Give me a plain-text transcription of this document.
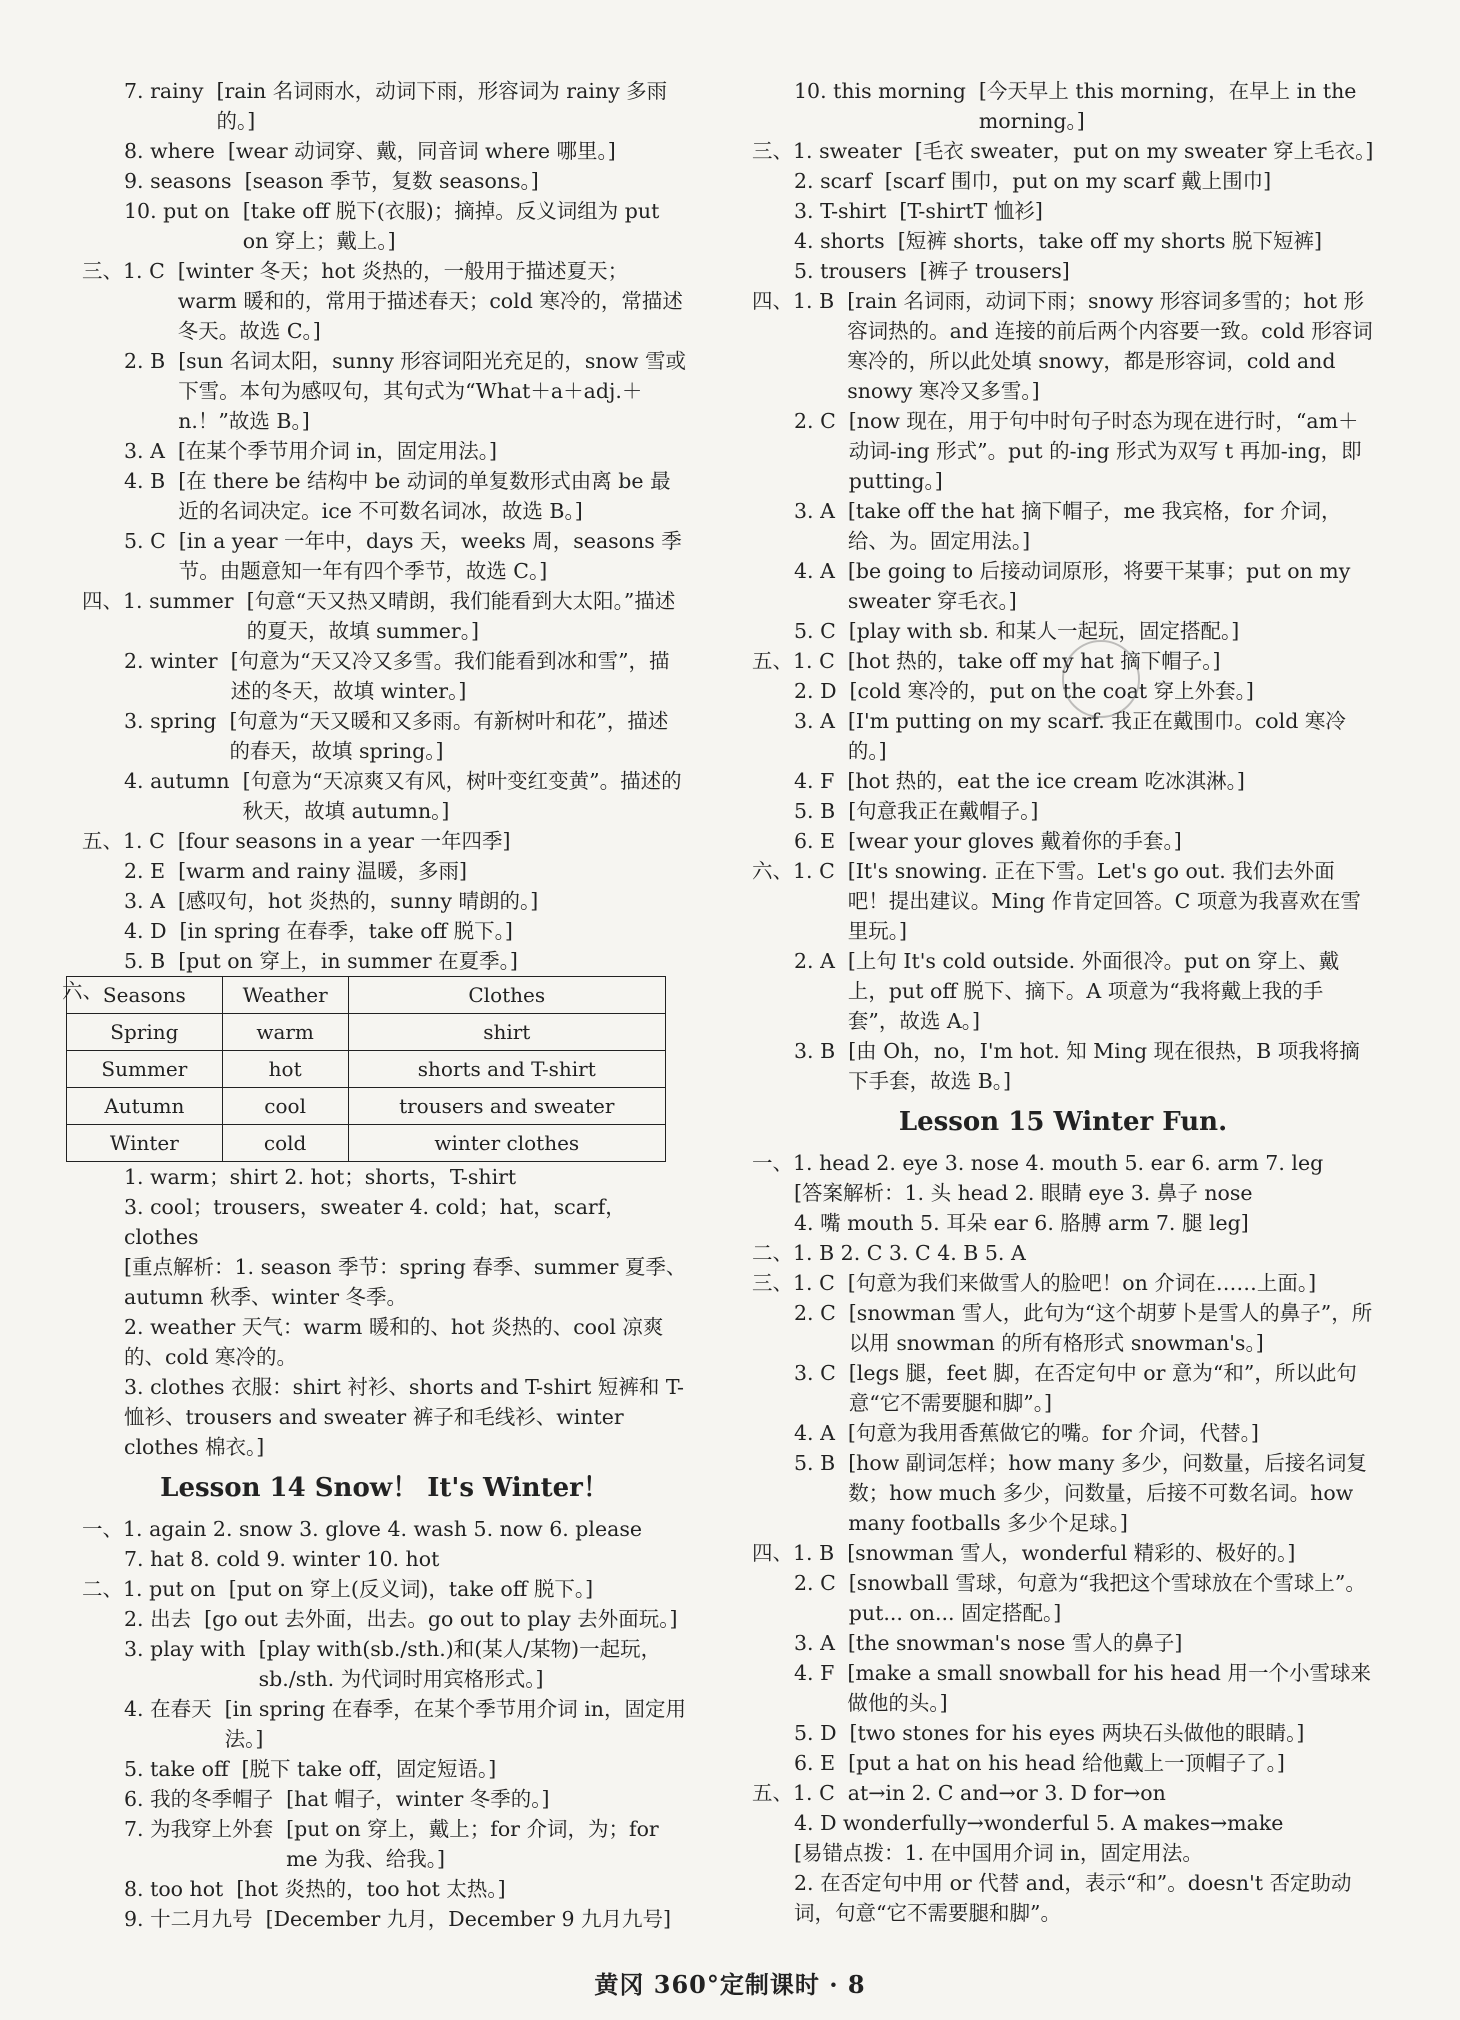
7. rainy [rain 名词雨水，动词下雨，形容词为 rainy 多雨的。]

8. where [wear 动词穿、戴，同音词 where 哪里。]

9. seasons [season 季节，复数 seasons。]

10. put on [take off 脱下(衣服)；摘掉。反义词组为 put on 穿上；戴上。]

三、1. C [winter 冬天；hot 炎热的，一般用于描述夏天；warm 暖和的，常用于描述春天；cold 寒冷的，常描述冬天。故选 C。]

2. B [sun 名词太阳，sunny 形容词阳光充足的，snow 雪或下雪。本句为感叹句，其句式为“What＋a＋adj.＋n.！”故选 B。]

3. A [在某个季节用介词 in，固定用法。]

4. B [在 there be 结构中 be 动词的单复数形式由离 be 最近的名词决定。ice 不可数名词冰，故选 B。]

5. C [in a year 一年中，days 天，weeks 周，seasons 季节。由题意知一年有四个季节，故选 C。]

四、1. summer [句意“天又热又晴朗，我们能看到大太阳。”描述的夏天，故填 summer。]

2. winter [句意为“天又冷又多雪。我们能看到冰和雪”，描述的冬天，故填 winter。]

3. spring [句意为“天又暖和又多雨。有新树叶和花”，描述的春天，故填 spring。]

4. autumn [句意为“天凉爽又有风，树叶变红变黄”。描述的秋天，故填 autumn。]

五、1. C [four seasons in a year 一年四季]

2. E [warm and rainy 温暖，多雨]

3. A [感叹句，hot 炎热的，sunny 晴朗的。]

4. D [in spring 在春季，take off 脱下。]

5. B [put on 穿上，in summer 在夏季。]

六、 Seasons	Weather	Clothes
Spring	warm	shirt
Summer	hot	shorts and T-shirt
Autumn	cool	trousers and sweater
Winter	cold	winter clothes

1. warm；shirt 2. hot；shorts，T-shirt

3. cool；trousers，sweater 4. cold；hat，scarf，clothes

[重点解析：1. season 季节：spring 春季、summer 夏季、autumn 秋季、winter 冬季。

2. weather 天气：warm 暖和的、hot 炎热的、cool 凉爽的、cold 寒冷的。

3. clothes 衣服：shirt 衬衫、shorts and T-shirt 短裤和 T-恤衫、trousers and sweater 裤子和毛线衫、winter clothes 棉衣。]

Lesson 14 Snow！ It's Winter！

一、 1. again 2. snow 3. glove 4. wash 5. now 6. please

7. hat 8. cold 9. winter 10. hot

二、1. put on [put on 穿上(反义词)，take off 脱下。]

2. 出去 [go out 去外面，出去。go out to play 去外面玩。]

3. play with [play with(sb./sth.)和(某人/某物)一起玩，sb./sth. 为代词时用宾格形式。]

4. 在春天 [in spring 在春季，在某个季节用介词 in，固定用法。]

5. take off [脱下 take off，固定短语。]

6. 我的冬季帽子 [hat 帽子，winter 冬季的。]

7. 为我穿上外套 [put on 穿上，戴上；for 介词，为；for me 为我、给我。]

8. too hot [hot 炎热的，too hot 太热。]

9. 十二月九号 [December 九月，December 9 九月九号]

10. this morning [今天早上 this morning，在早上 in the morning。]

三、1. sweater [毛衣 sweater，put on my sweater 穿上毛衣。]

2. scarf [scarf 围巾，put on my scarf 戴上围巾]

3. T-shirt [T-shirtT 恤衫]

4. shorts [短裤 shorts，take off my shorts 脱下短裤]

5. trousers [裤子 trousers]

四、1. B [rain 名词雨，动词下雨；snowy 形容词多雪的；hot 形容词热的。and 连接的前后两个内容要一致。cold 形容词寒冷的，所以此处填 snowy，都是形容词，cold and snowy 寒冷又多雪。]

2. C [now 现在，用于句中时句子时态为现在进行时，“am＋动词-ing 形式”。put 的-ing 形式为双写 t 再加-ing，即 putting。]

3. A [take off the hat 摘下帽子，me 我宾格，for 介词，给、为。固定用法。]

4. A [be going to 后接动词原形，将要干某事；put on my sweater 穿毛衣。]

5. C [play with sb. 和某人一起玩，固定搭配。]

五、1. C [hot 热的，take off my hat 摘下帽子。]

2. D [cold 寒冷的，put on the coat 穿上外套。]

3. A [I'm putting on my scarf. 我正在戴围巾。cold 寒冷的。]

4. F [hot 热的，eat the ice cream 吃冰淇淋。]

5. B [句意我正在戴帽子。]

6. E [wear your gloves 戴着你的手套。]

六、1. C [It's snowing. 正在下雪。Let's go out. 我们去外面吧！提出建议。Ming 作肯定回答。C 项意为我喜欢在雪里玩。]

2. A [上句 It's cold outside. 外面很冷。put on 穿上、戴上，put off 脱下、摘下。A 项意为“我将戴上我的手套”，故选 A。]

3. B [由 Oh，no，I'm hot. 知 Ming 现在很热，B 项我将摘下手套，故选 B。]

Lesson 15 Winter Fun.

一、 1. head 2. eye 3. nose 4. mouth 5. ear 6. arm 7. leg

[答案解析：1. 头 head 2. 眼睛 eye 3. 鼻子 nose

4. 嘴 mouth 5. 耳朵 ear 6. 胳膊 arm 7. 腿 leg]

二、 1. B 2. C 3. C 4. B 5. A

三、1. C [句意为我们来做雪人的脸吧！on 介词在……上面。]

2. C [snowman 雪人，此句为“这个胡萝卜是雪人的鼻子”，所以用 snowman 的所有格形式 snowman's。]

3. C [legs 腿，feet 脚，在否定句中 or 意为“和”，所以此句意“它不需要腿和脚”。]

4. A [句意为我用香蕉做它的嘴。for 介词，代替。]

5. B [how 副词怎样；how many 多少，问数量，后接名词复数；how much 多少，问数量，后接不可数名词。how many footballs 多少个足球。]

四、1. B [snowman 雪人，wonderful 精彩的、极好的。]

2. C [snowball 雪球，句意为“我把这个雪球放在个雪球上”。put... on... 固定搭配。]

3. A [the snowman's nose 雪人的鼻子]

4. F [make a small snowball for his head 用一个小雪球来做他的头。]

5. D [two stones for his eyes 两块石头做他的眼睛。]

6. E [put a hat on his head 给他戴上一顶帽子了。]

五、1. C at→in 2. C and→or 3. D for→on

4. D wonderfully→wonderful 5. A makes→make

[易错点拨：1. 在中国用介词 in，固定用法。

2. 在否定句中用 or 代替 and，表示“和”。doesn't 否定助动词，句意“它不需要腿和脚”。

黄冈 360°定制课时 · 8
